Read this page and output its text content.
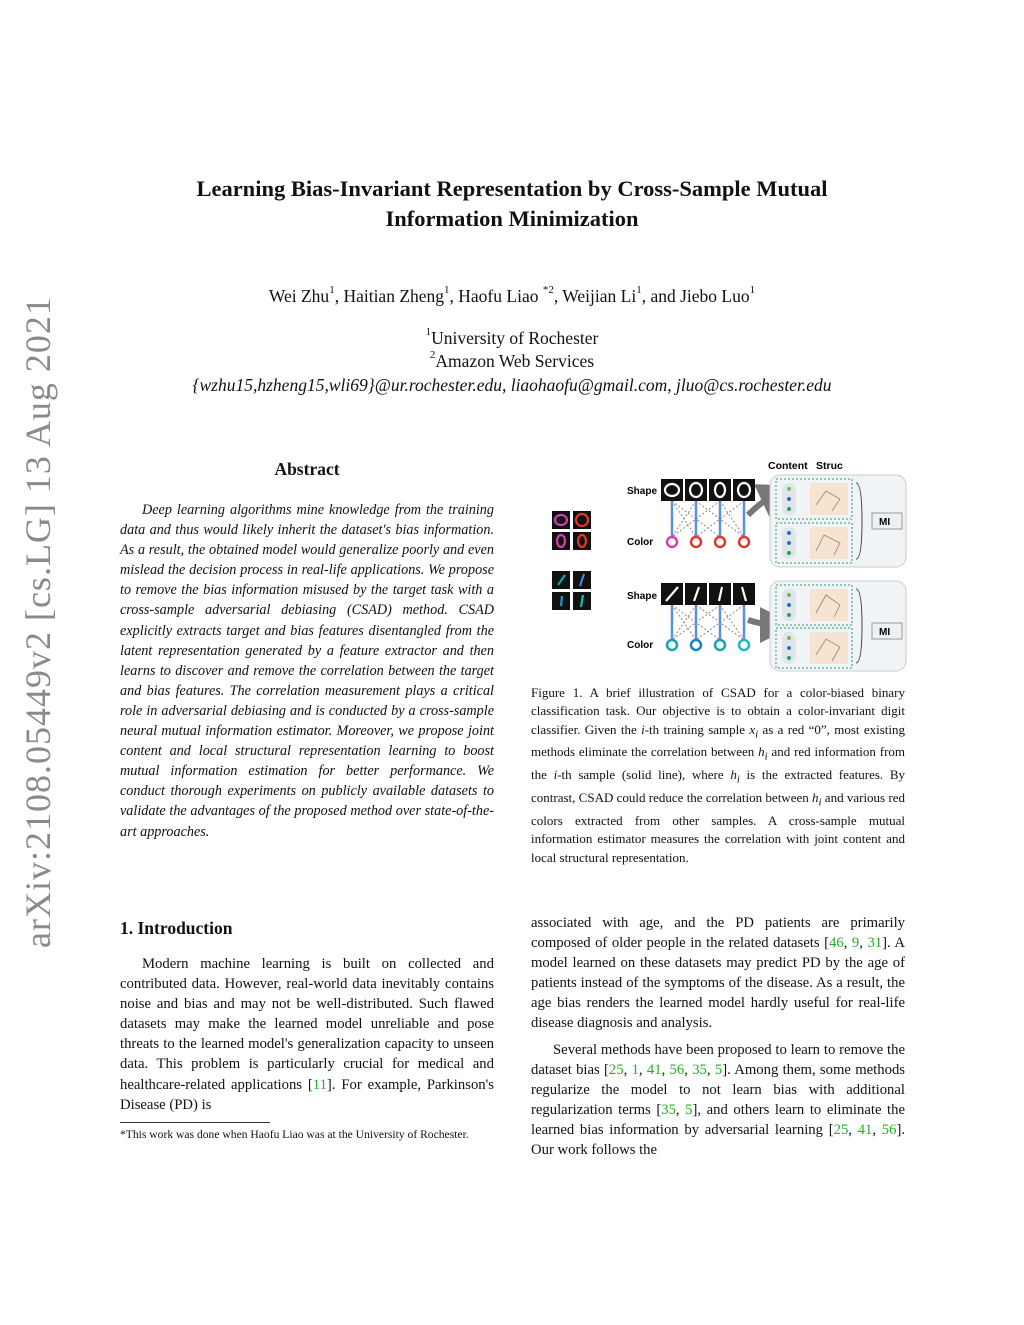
arXiv:2108.05449v2 [cs.LG] 13 Aug 2021
Learning Bias-Invariant Representation by Cross-Sample Mutual
Information Minimization
Wei Zhu$^1$, Haitian Zheng$^1$, Haofu Liao $^{*2}$, Weijian Li$^1$, and Jiebo Luo$^1$
$^1$University of Rochester
$^2$Amazon Web Services
{wzhu15,hzheng15,wli69}@ur.rochester.edu, liaohaofu@gmail.com, jluo@cs.rochester.edu
Abstract

Deep learning algorithms mine knowledge from the training data and thus would likely inherit the dataset's bias information. As a result, the obtained model would generalize poorly and even mislead the decision process in real-life applications. We propose to remove the bias information misused by the target task with a cross-sample adversarial debiasing (CSAD) method. CSAD explicitly extracts target and bias features disentangled from the latent representation generated by a feature extractor and then learns to discover and remove the correlation between the target and bias features. The correlation measurement plays a critical role in adversarial debiasing and is conducted by a cross-sample neural mutual information estimator. Moreover, we propose joint content and local structural representation learning to boost mutual information estimation for better performance. We conduct thorough experiments on publicly available datasets to validate the advantages of the proposed method over state-of-the-art approaches.

Content Struc
Shape
Color
MI
Shape
Color
MI
Figure 1. A brief illustration of CSAD for a color-biased binary classification task. Our objective is to obtain a color-invariant digit classifier. Given the i-th training sample $x_i$ as a red “0”, most existing methods eliminate the correlation between $h_i$ and red information from the i-th sample (solid line), where $h_i$ is the extracted features. By contrast, CSAD could reduce the correlation between $h_i$ and various red colors extracted from other samples. A cross-sample mutual information estimator measures the correlation with joint content and local structural representation.
1. Introduction

Modern machine learning is built on collected and contributed data. However, real-world data inevitably contains noise and bias and may not be well-distributed. Such flawed datasets may make the learned model unreliable and pose threats to the learned model's generalization capacity to unseen data. This problem is particularly crucial for medical and healthcare-related applications [11]. For example, Parkinson's Disease (PD) is

*This work was done when Haofu Liao was at the University of Rochester.

associated with age, and the PD patients are primarily composed of older people in the related datasets [46, 9, 31]. A model learned on these datasets may predict PD by the age of patients instead of the symptoms of the disease. As a result, the age bias renders the learned model hardly useful for real-life disease diagnosis and analysis.

Several methods have been proposed to learn to remove the dataset bias [25, 1, 41, 56, 35, 5]. Among them, some methods regularize the model to not learn bias with additional regularization terms [35, 5], and others learn to eliminate the learned bias information by adversarial learning [25, 41, 56]. Our work follows the
